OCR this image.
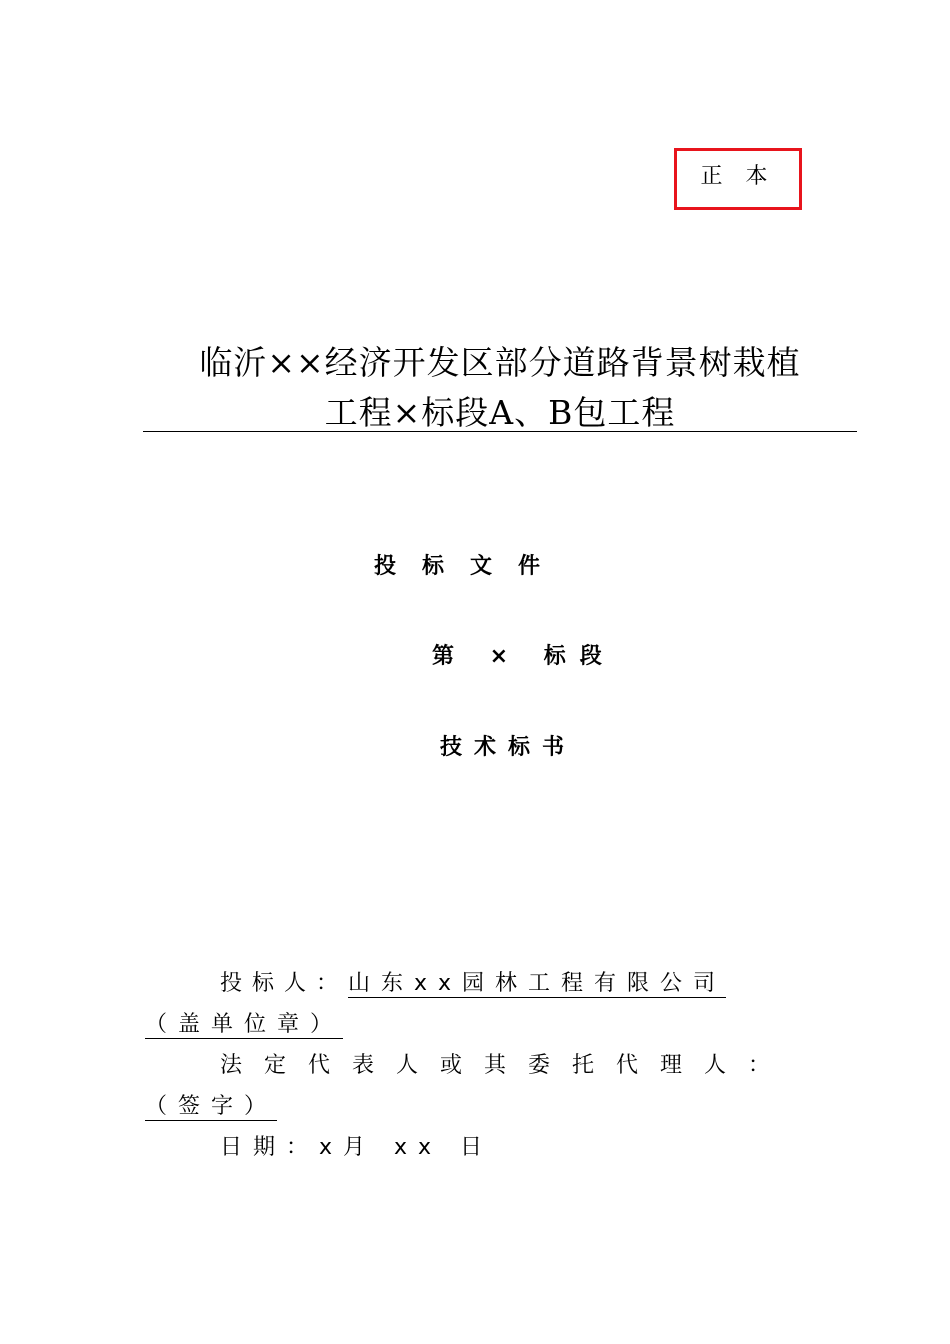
正 本
临沂××经济开发区部分道路背景树栽植
工程×标段A、B包工程
投标文件
第 × 标段
技术标书
投标人：山东xx园林工程有限公司
（盖单位章）
法定代表人或其委托代理人：
（签字）
日期：x月 xx 日
